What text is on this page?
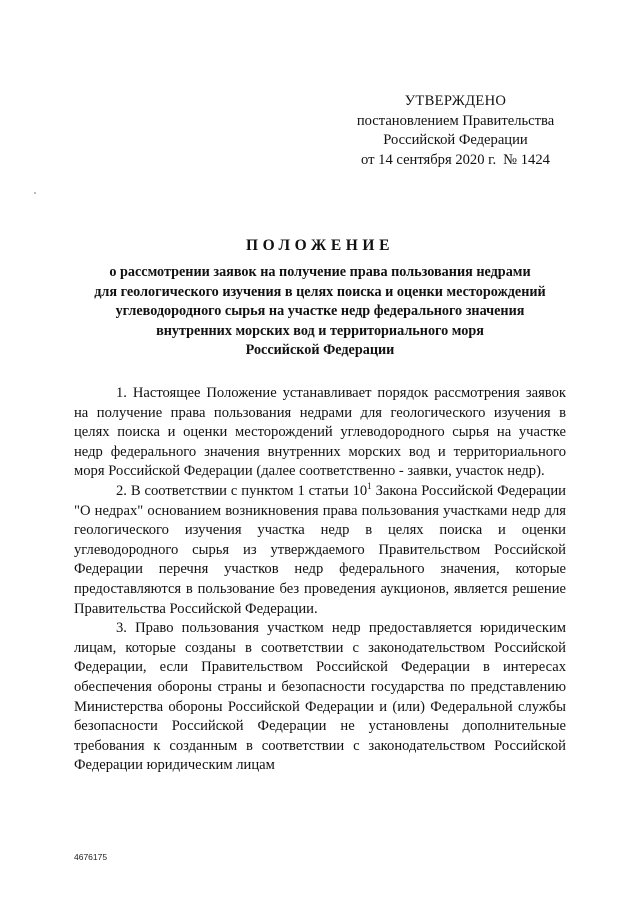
УТВЕРЖДЕНО
постановлением Правительства
Российской Федерации
от 14 сентября 2020 г. № 1424
ПОЛОЖЕНИЕ
о рассмотрении заявок на получение права пользования недрами
для геологического изучения в целях поиска и оценки месторождений
углеводородного сырья на участке недр федерального значения
внутренних морских вод и территориального моря
Российской Федерации

1. Настоящее Положение устанавливает порядок рассмотрения заявок на получение права пользования недрами для геологического изучения в целях поиска и оценки месторождений углеводородного сырья на участке недр федерального значения внутренних морских вод и территориального моря Российской Федерации (далее соответственно - заявки, участок недр).

2. В соответствии с пунктом 1 статьи $10^1$ Закона Российской Федерации "О недрах" основанием возникновения права пользования участками недр для геологического изучения участка недр в целях поиска и оценки углеводородного сырья из утверждаемого Правительством Российской Федерации перечня участков недр федерального значения, которые предоставляются в пользование без проведения аукционов, является решение Правительства Российской Федерации.

3. Право пользования участком недр предоставляется юридическим лицам, которые созданы в соответствии с законодательством Российской Федерации, если Правительством Российской Федерации в интересах обеспечения обороны страны и безопасности государства по представлению Министерства обороны Российской Федерации и (или) Федеральной службы безопасности Российской Федерации не установлены дополнительные требования к созданным в соответствии с законодательством Российской Федерации юридическим лицам

4676175
